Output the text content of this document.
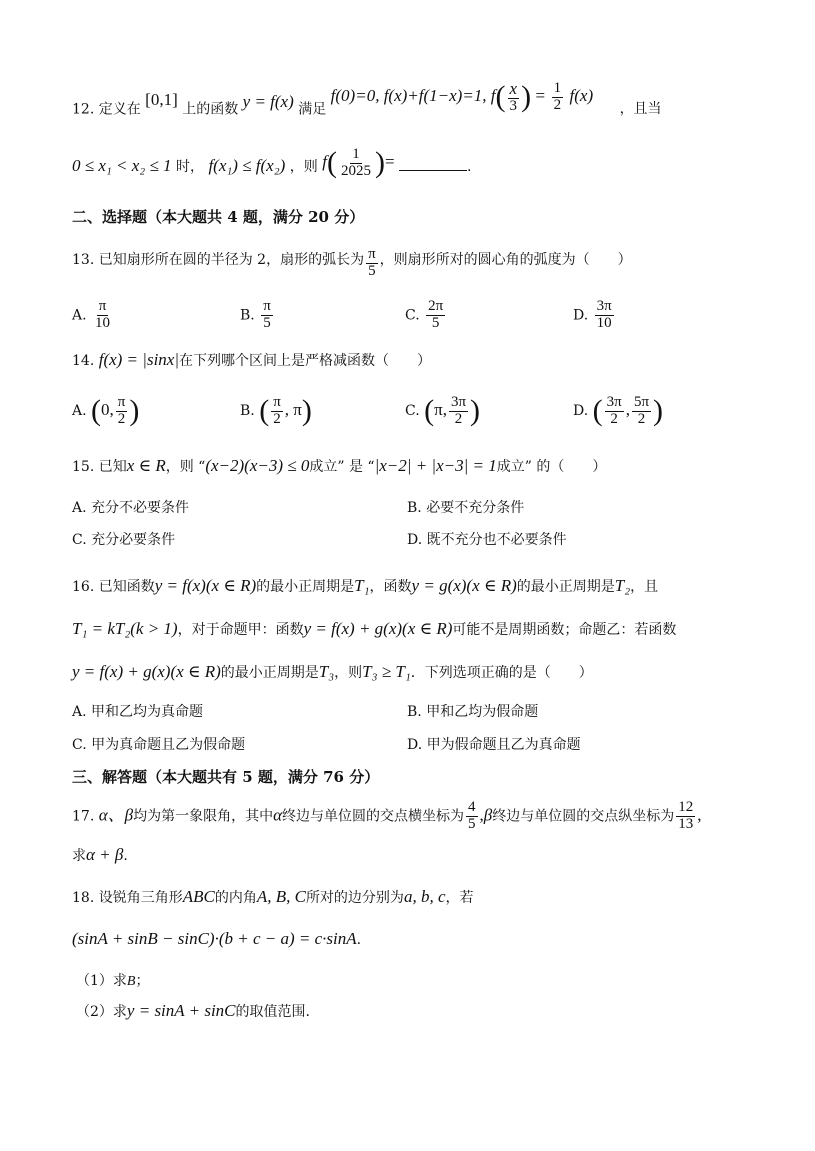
12. 定义在 [0,1] 上的函数 y = f(x) 满足 f(0)=0, f(x)+f(1−x)=1, $f( \frac{x}{3}$ ) = $\frac{1}{2} f(x)$ ，且当
0 ≤ x₁ < x₂ ≤ 1 时， f(x₁) ≤ f(x₂) ，则 $f( \frac{1}{2025}$ )=	.
二、选择题（本大题共 4 题，满分 20 分）
13. 已知扇形所在圆的半径为 2，扇形的弧长为 $\frac{\pi}{5}$ ，则扇形所对的圆心角的弧度为（　　）
A. $\frac{\pi}{10}$	B. $\frac{\pi}{5}$	C. $\frac{2\pi}{5}$	D. $\frac{3\pi}{10}$
14. f(x) = |sinx|在下列哪个区间上是严格减函数（　　）
A. (0, $\frac{\pi}{2}$ )	B. ( $\frac{\pi}{2}$ , π)	C. (π, $\frac{3\pi}{2}$ )	D. ( $\frac{3\pi}{2}$ , $\frac{5\pi}{2}$ )
15. 已知x ∈ R，则 “(x−2)(x−3) ≤ 0成立” 是 “|x−2| + |x−3| = 1成立” 的（　　）
A. 充分不必要条件	B. 必要不充分条件
C. 充分必要条件	D. 既不充分也不必要条件
16. 已知函数y = f(x)(x ∈ R)的最小正周期是T₁，函数y = g(x)(x ∈ R)的最小正周期是T₂，且
T₁ = kT₂(k > 1)，对于命题甲：函数y = f(x) + g(x)(x ∈ R)可能不是周期函数；命题乙：若函数
y = f(x) + g(x)(x ∈ R)的最小正周期是T₃，则T₃ ≥ T₁．下列选项正确的是（　　）
A. 甲和乙均为真命题	B. 甲和乙均为假命题
C. 甲为真命题且乙为假命题	D. 甲为假命题且乙为真命题
三、解答题（本大题共有 5 题，满分 76 分）
17. α、β均为第一象限角，其中α终边与单位圆的交点横坐标为 $\frac{4}{5} ,\beta$终边与单位圆的交点纵坐标为 $\frac{12}{13}$ ,
求α + β.
18. 设锐角三角形ABC的内角A, B, C所对的边分别为a, b, c，若
(sinA + sinB − sinC)·(b + c − a) = c·sinA.
（1）求B；
（2）求y = sinA + sinC的取值范围.
